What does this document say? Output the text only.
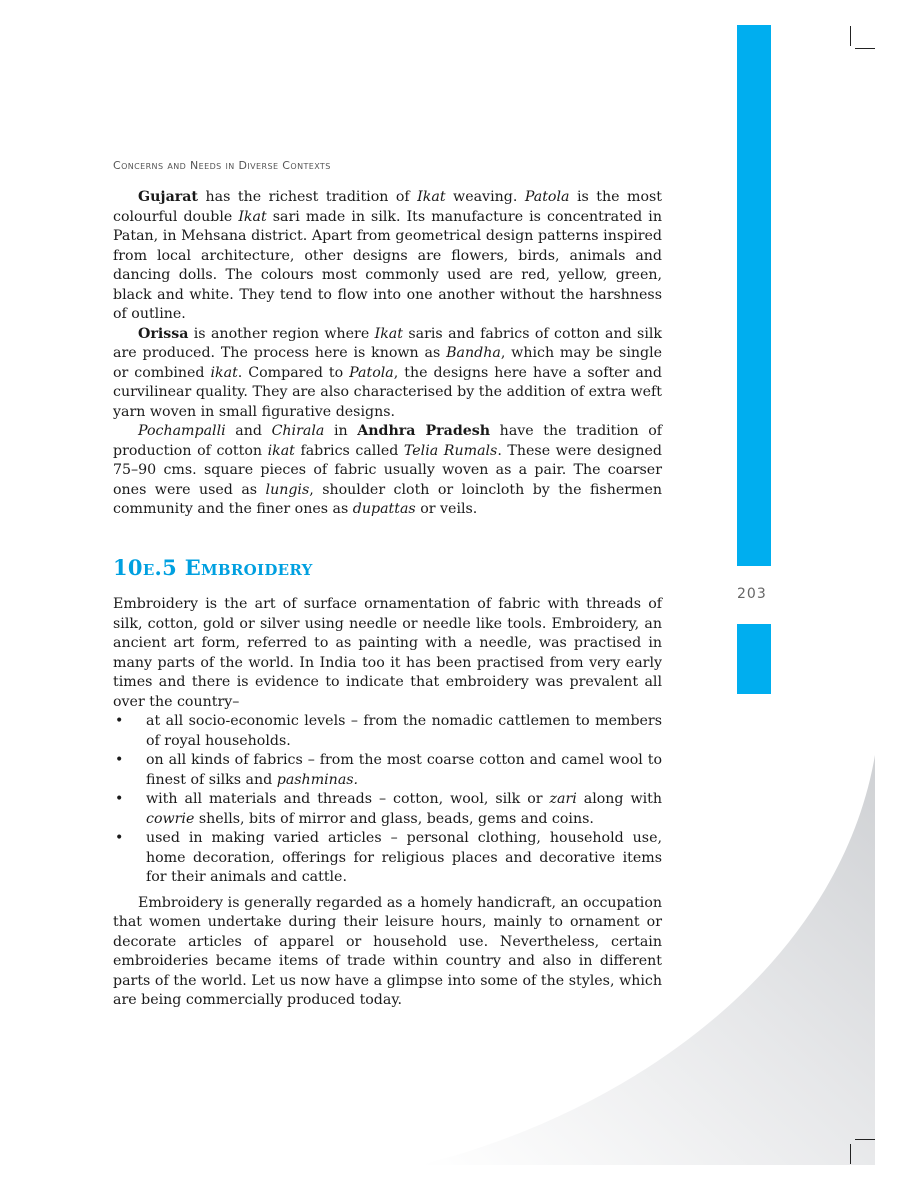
203
Concerns and Needs in Diverse Contexts

Gujarat has the richest tradition of Ikat weaving. Patola is the most colourful double Ikat sari made in silk. Its manufacture is concentrated in Patan, in Mehsana district. Apart from geometrical design patterns inspired from local architecture, other designs are flowers, birds, animals and dancing dolls. The colours most commonly used are red, yellow, green, black and white. They tend to flow into one another without the harshness of outline.

Orissa is another region where Ikat saris and fabrics of cotton and silk are produced. The process here is known as Bandha, which may be single or combined ikat. Compared to Patola, the designs here have a softer and curvilinear quality. They are also characterised by the addition of extra weft yarn woven in small figurative designs.

Pochampalli and Chirala in Andhra Pradesh have the tradition of production of cotton ikat fabrics called Telia Rumals. These were designed 75–90 cms. square pieces of fabric usually woven as a pair. The coarser ones were used as lungis, shoulder cloth or loincloth by the fishermen community and the finer ones as dupattas or veils.

10e.5 Embroidery

Embroidery is the art of surface ornamentation of fabric with threads of silk, cotton, gold or silver using needle or needle like tools. Embroidery, an ancient art form, referred to as painting with a needle, was practised in many parts of the world. In India too it has been practised from very early times and there is evidence to indicate that embroidery was prevalent all over the country–

• at all socio-economic levels – from the nomadic cattlemen to members of royal households.
• on all kinds of fabrics – from the most coarse cotton and camel wool to finest of silks and pashminas.
• with all materials and threads – cotton, wool, silk or zari along with cowrie shells, bits of mirror and glass, beads, gems and coins.
• used in making varied articles – personal clothing, household use, home decoration, offerings for religious places and decorative items for their animals and cattle.

Embroidery is generally regarded as a homely handicraft, an occupation that women undertake during their leisure hours, mainly to ornament or decorate articles of apparel or household use. Nevertheless, certain embroideries became items of trade within country and also in different parts of the world. Let us now have a glimpse into some of the styles, which are being commercially produced today.
